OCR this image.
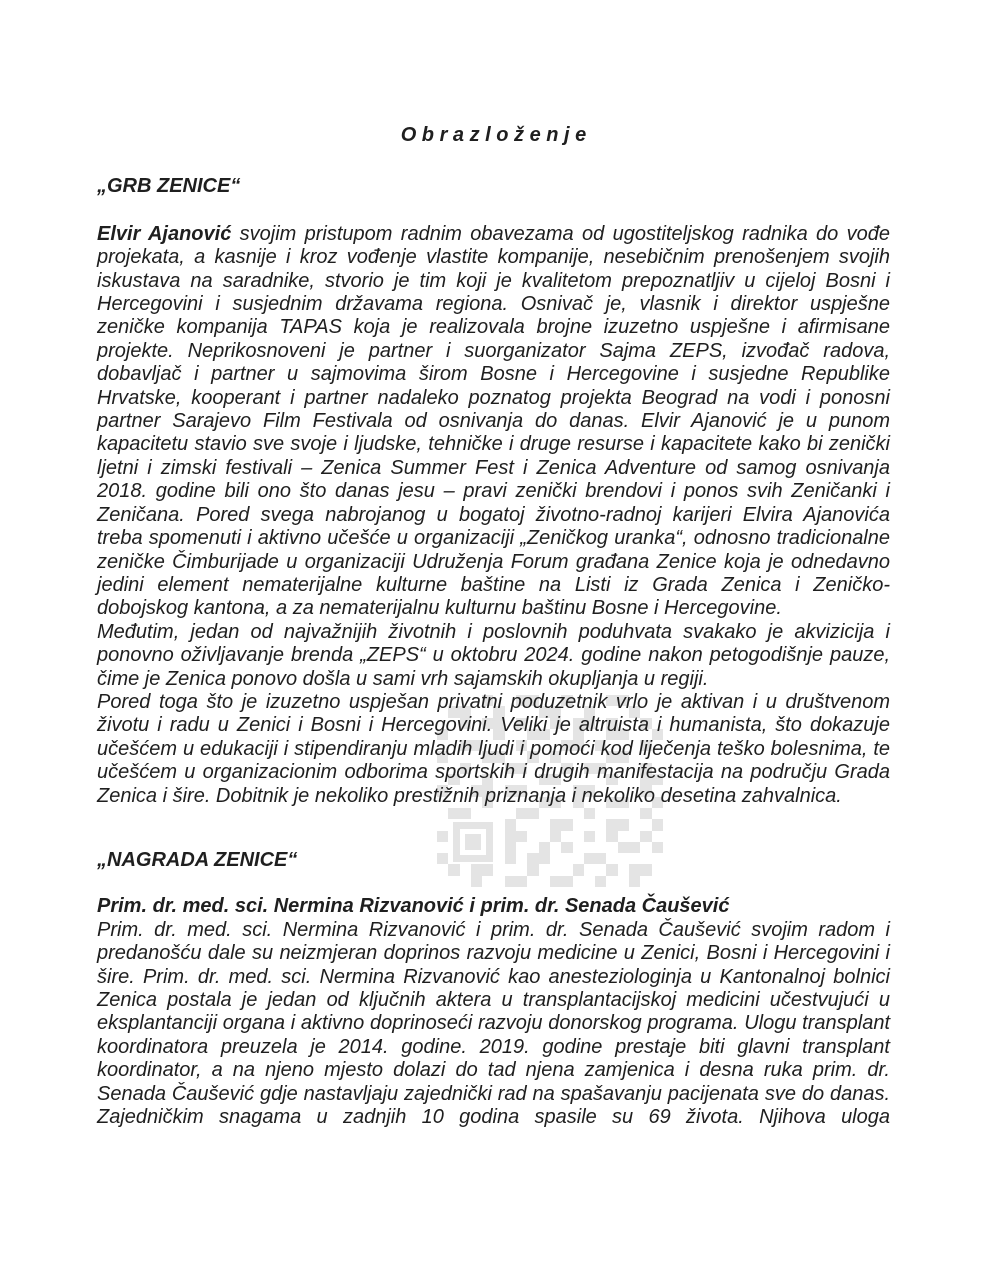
O b r a z l o ž e n j e
„GRB ZENICE“

Elvir Ajanović svojim pristupom radnim obavezama od ugostiteljskog radnika do vođe projekata, a kasnije i kroz vođenje vlastite kompanije, nesebičnim prenošenjem svojih iskustava na saradnike, stvorio je tim koji je kvalitetom prepoznatljiv u cijeloj Bosni i Hercegovini i susjednim državama regiona. Osnivač je, vlasnik i direktor uspješne zeničke kompanija TAPAS koja je realizovala brojne izuzetno uspješne i afirmisane projekte. Neprikosnoveni je partner i suorganizator Sajma ZEPS, izvođač radova, dobavljač i partner u sajmovima širom Bosne i Hercegovine i susjedne Republike Hrvatske, kooperant i partner nadaleko poznatog projekta Beograd na vodi i ponosni partner Sarajevo Film Festivala od osnivanja do danas. Elvir Ajanović je u punom kapacitetu stavio sve svoje i ljudske, tehničke i druge resurse i kapacitete kako bi zenički ljetni i zimski festivali – Zenica Summer Fest i Zenica Adventure od samog osnivanja 2018. godine bili ono što danas jesu – pravi zenički brendovi i ponos svih Zeničanki i Zeničana. Pored svega nabrojanog u bogatoj životno-radnoj karijeri Elvira Ajanovića treba spomenuti i aktivno učešće u organizaciji „Zeničkog uranka“, odnosno tradicionalne zeničke Čimburijade u organizaciji Udruženja Forum građana Zenice koja je odnedavno jedini element nematerijalne kulturne baštine na Listi iz Grada Zenica i Zeničko-dobojskog kantona, a za nematerijalnu kulturnu baštinu Bosne i Hercegovine.

Međutim, jedan od najvažnijih životnih i poslovnih poduhvata svakako je akvizicija i ponovno oživljavanje brenda „ZEPS“ u oktobru 2024. godine nakon petogodišnje pauze, čime je Zenica ponovo došla u sami vrh sajamskih okupljanja u regiji.

Pored toga što je izuzetno uspješan privatni poduzetnik vrlo je aktivan i u društvenom životu i radu u Zenici i Bosni i Hercegovini. Veliki je altruista i humanista, što dokazuje učešćem u edukaciji i stipendiranju mladih ljudi i pomoći kod liječenja teško bolesnima, te učešćem u organizacionim odborima sportskih i drugih manifestacija na području Grada Zenica i šire. Dobitnik je nekoliko prestižnih priznanja i nekoliko desetina zahvalnica.

„NAGRADA ZENICE“
Prim. dr. med. sci. Nermina Rizvanović i prim. dr. Senada Čaušević

Prim. dr. med. sci. Nermina Rizvanović i prim. dr. Senada Čaušević svojim radom i predanošću dale su neizmjeran doprinos razvoju medicine u Zenici, Bosni i Hercegovini i šire. Prim. dr. med. sci. Nermina Rizvanović kao anesteziologinja u Kantonalnoj bolnici Zenica postala je jedan od ključnih aktera u transplantacijskoj medicini učestvujući u eksplantanciji organa i aktivno doprinoseći razvoju donorskog programa. Ulogu transplant koordinatora preuzela je 2014. godine. 2019. godine prestaje biti glavni transplant koordinator, a na njeno mjesto dolazi do tad njena zamjenica i desna ruka prim. dr. Senada Čaušević gdje nastavljaju zajednički rad na spašavanju pacijenata sve do danas. Zajedničkim snagama u zadnjih 10 godina spasile su 69 života. Njihova uloga
